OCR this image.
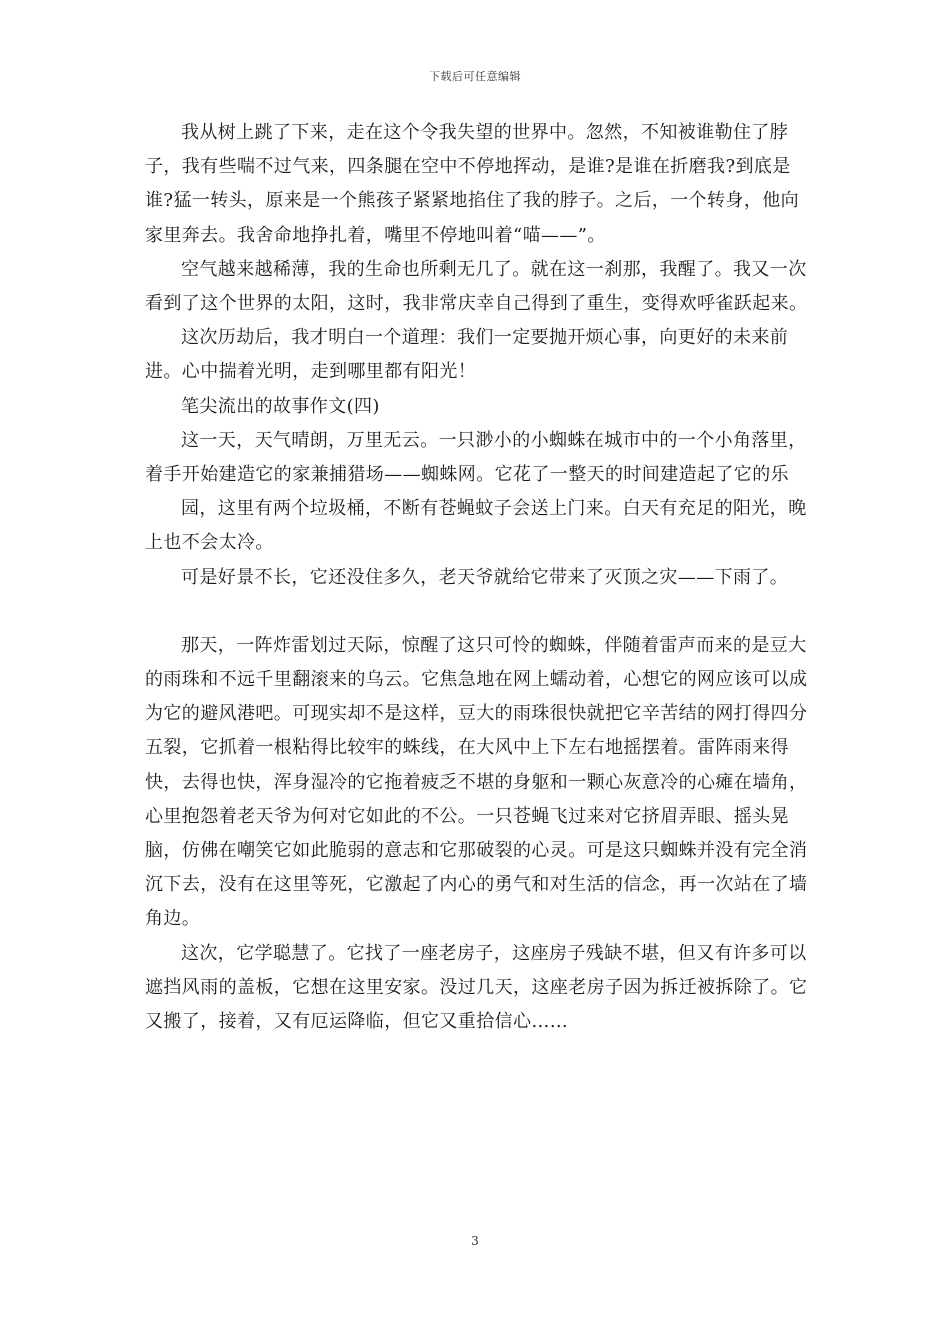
下载后可任意编辑

我从树上跳了下来，走在这个令我失望的世界中。忽然，不知被谁勒住了脖子，我有些喘不过气来，四条腿在空中不停地挥动，是谁?是谁在折磨我?到底是谁?猛一转头，原来是一个熊孩子紧紧地掐住了我的脖子。之后，一个转身，他向家里奔去。我舍命地挣扎着，嘴里不停地叫着“喵——”。

空气越来越稀薄，我的生命也所剩无几了。就在这一刹那，我醒了。我又一次看到了这个世界的太阳，这时，我非常庆幸自己得到了重生，变得欢呼雀跃起来。

这次历劫后，我才明白一个道理：我们一定要抛开烦心事，向更好的未来前进。心中揣着光明，走到哪里都有阳光！

笔尖流出的故事作文(四)

这一天，天气晴朗，万里无云。一只渺小的小蜘蛛在城市中的一个小角落里，着手开始建造它的家兼捕猎场——蜘蛛网。它花了一整天的时间建造起了它的乐

园，这里有两个垃圾桶，不断有苍蝇蚊子会送上门来。白天有充足的阳光，晚上也不会太冷。

可是好景不长，它还没住多久，老天爷就给它带来了灭顶之灾——下雨了。

那天，一阵炸雷划过天际，惊醒了这只可怜的蜘蛛，伴随着雷声而来的是豆大的雨珠和不远千里翻滚来的乌云。它焦急地在网上蠕动着，心想它的网应该可以成为它的避风港吧。可现实却不是这样，豆大的雨珠很快就把它辛苦结的网打得四分五裂，它抓着一根粘得比较牢的蛛线，在大风中上下左右地摇摆着。雷阵雨来得快，去得也快，浑身湿冷的它拖着疲乏不堪的身躯和一颗心灰意冷的心瘫在墙角，心里抱怨着老天爷为何对它如此的不公。一只苍蝇飞过来对它挤眉弄眼、摇头晃脑，仿佛在嘲笑它如此脆弱的意志和它那破裂的心灵。可是这只蜘蛛并没有完全消沉下去，没有在这里等死，它激起了内心的勇气和对生活的信念，再一次站在了墙角边。

这次，它学聪慧了。它找了一座老房子，这座房子残缺不堪，但又有许多可以遮挡风雨的盖板，它想在这里安家。没过几天，这座老房子因为拆迁被拆除了。它又搬了，接着，又有厄运降临，但它又重拾信心……

3
